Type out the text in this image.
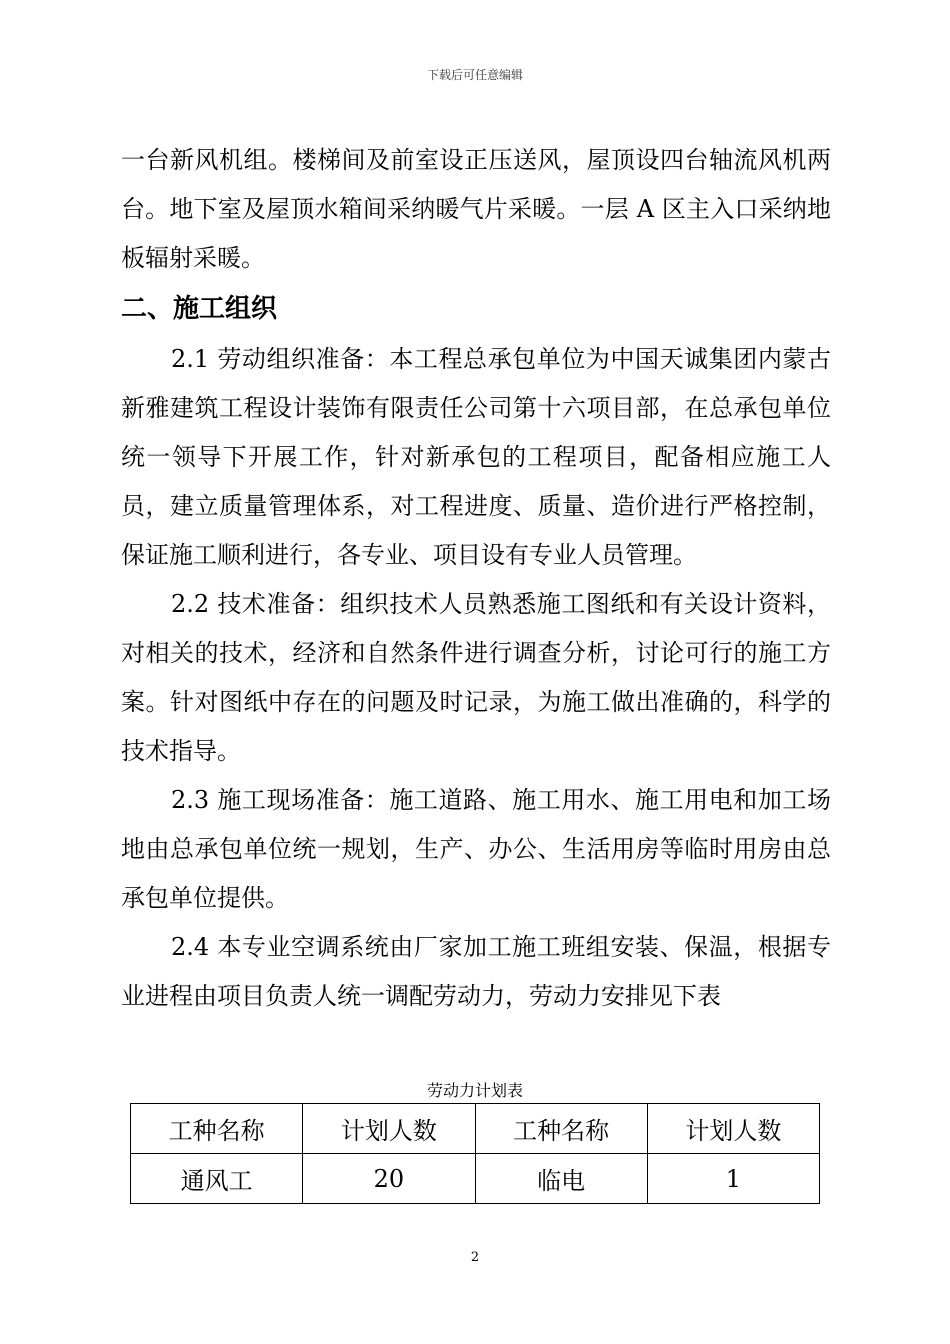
下载后可任意编辑

一台新风机组。楼梯间及前室设正压送风，屋顶设四台轴流风机两台。地下室及屋顶水箱间采纳暖气片采暖。一层 A 区主入口采纳地板辐射采暖。

二、施工组织

2.1 劳动组织准备：本工程总承包单位为中国天诚集团内蒙古新雅建筑工程设计装饰有限责任公司第十六项目部，在总承包单位统一领导下开展工作，针对新承包的工程项目，配备相应施工人员，建立质量管理体系，对工程进度、质量、造价进行严格控制，保证施工顺利进行，各专业、项目设有专业人员管理。

2.2 技术准备：组织技术人员熟悉施工图纸和有关设计资料，对相关的技术，经济和自然条件进行调查分析，讨论可行的施工方案。针对图纸中存在的问题及时记录，为施工做出准确的，科学的技术指导。

2.3 施工现场准备：施工道路、施工用水、施工用电和加工场地由总承包单位统一规划，生产、办公、生活用房等临时用房由总承包单位提供。

2.4 本专业空调系统由厂家加工施工班组安装、保温，根据专业进程由项目负责人统一调配劳动力，劳动力安排见下表

劳动力计划表
工种名称	计划人数	工种名称	计划人数
通风工	20	临电	1
2
